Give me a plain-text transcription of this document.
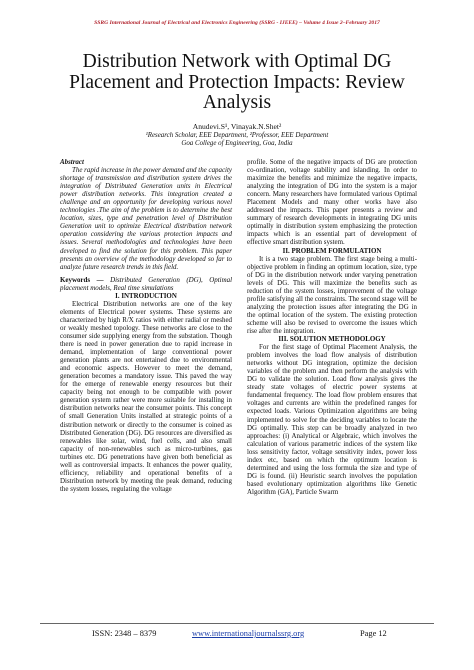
SSRG International Journal of Electrical and Electronics Engineering (SSRG - IJEEE) – Volume 4 Issue 2–February 2017
Distribution Network with Optimal DG Placement and Protection Impacts: Review Analysis
Anudevi.S¹, Vinayak.N.Shet²
¹Research Scholar, EEE Department, ²Professor, EEE Department
Goa College of Engineering, Goa, India

Abstract

The rapid increase in the power demand and the capacity shortage of transmission and distribution system drives the integration of Distributed Generation units in Electrical power distribution networks. This integration created a challenge and an opportunity for developing various novel technologies .The aim of the problem is to determine the best location, sizes, type and penetration level of Distribution Generation unit to optimize Electrical distribution network operation considering the various protection impacts and issues. Several methodologies and technologies have been developed to find the solution for this problem. This paper presents an overview of the methodology developed so far to analyze future research trends in this field.

Keywords — Distributed Generation (DG), Optimal placement models, Real time simulations

I. INTRODUCTION

Electrical Distribution networks are one of the key elements of Electrical power systems. These systems are characterized by high R/X ratios with either radial or meshed or weakly meshed topology. These networks are close to the consumer side supplying energy from the substation. Though there is need in power generation due to rapid increase in demand, implementation of large conventional power generation plants are not entertained due to environmental and economic aspects. However to meet the demand, generation becomes a mandatory issue. This paved the way for the emerge of renewable energy resources but their capacity being not enough to be compatible with power generation system rather were more suitable for installing in distribution networks near the consumer points. This concept of small Generation Units installed at strategic points of a distribution network or directly to the consumer is coined as Distributed Generation (DG). DG resources are diversified as renewables like solar, wind, fuel cells, and also small capacity of non-renewables such as micro-turbines, gas turbines etc. DG penetrations have given both beneficial as well as controversial impacts. It enhances the power quality, efficiency, reliability and operational benefits of a Distribution network by meeting the peak demand, reducing the system losses, regulating the voltage

profile. Some of the negative impacts of DG are protection co-ordination, voltage stability and islanding. In order to maximize the benefits and minimize the negative impacts, analyzing the integration of DG into the system is a major concern. Many researchers have formulated various Optimal Placement Models and many other works have also addressed the impacts. This paper presents a review and summary of research developments in integrating DG units optimally in distribution system emphasizing the protection impacts which is an essential part of development of effective smart distribution system.

II. PROBLEM FORMULATION

It is a two stage problem. The first stage being a multi-objective problem in finding an optimum location, size, type of DG in the distribution network under varying penetration levels of DG. This will maximize the benefits such as reduction of the system losses, improvement of the voltage profile satisfying all the constraints. The second stage will be analyzing the protection issues after integrating the DG in the optimal location of the system. The existing protection scheme will also be revised to overcome the issues which rise after the integration.

III. SOLUTION METHODOLOGY

For the first stage of Optimal Placement Analysis, the problem involves the load flow analysis of distribution networks without DG integration, optimize the decision variables of the problem and then perform the analysis with DG to validate the solution. Load flow analysis gives the steady state voltages of electric power systems at fundamental frequency. The load flow problem ensures that voltages and currents are within the predefined ranges for expected loads. Various Optimization algorithms are being implemented to solve for the deciding variables to locate the DG optimally. This step can be broadly analyzed in two approaches: (i) Analytical or Algebraic, which involves the calculation of various parametric indices of the system like loss sensitivity factor, voltage sensitivity index, power loss index etc, based on which the optimum location is determined and using the loss formula the size and type of DG is found. (ii) Heuristic search involves the population based evolutionary optimization algorithms like Genetic Algorithm (GA), Particle Swarm

ISSN: 2348 – 8379	www.internationaljournalssrg.org	Page 12
